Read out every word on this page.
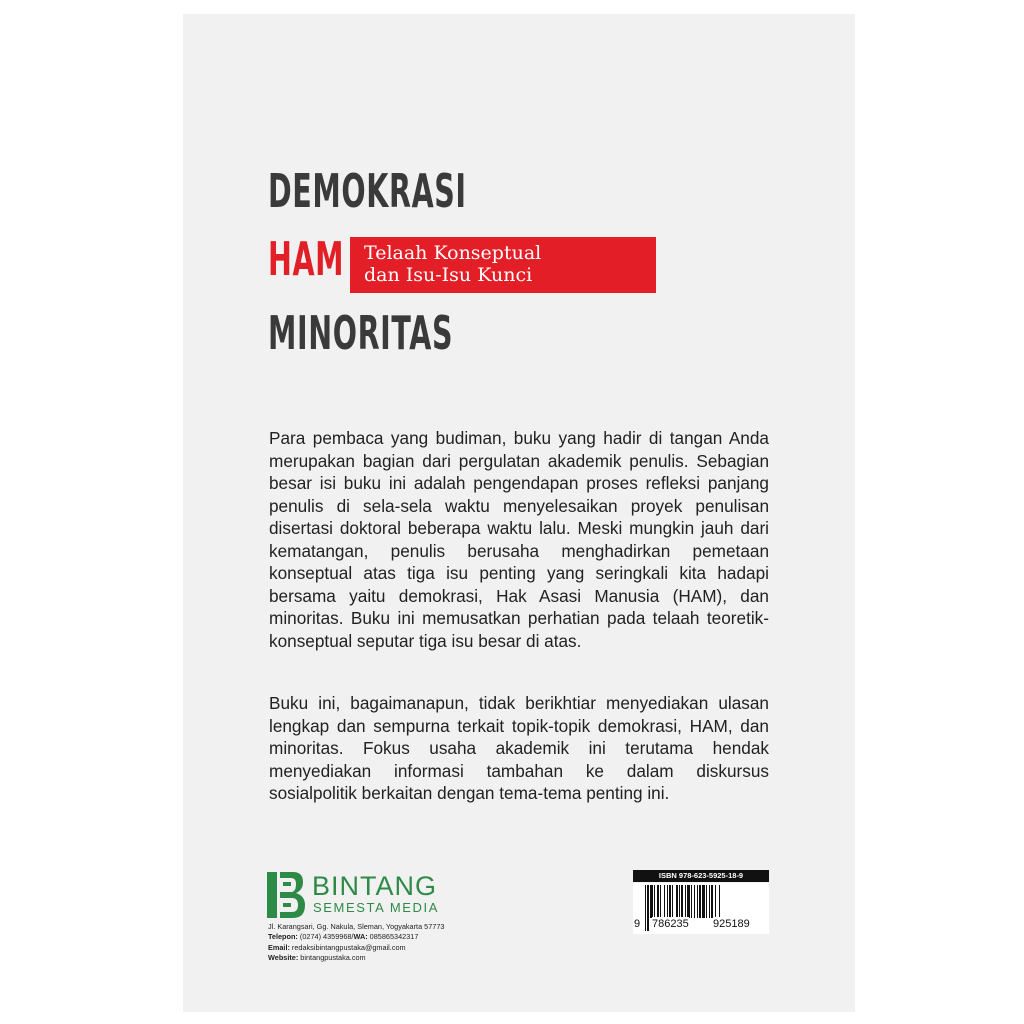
DEMOKRASI
HAM
MINORITAS
Telaah Konseptual
dan Isu-Isu Kunci

Para pembaca yang budiman, buku yang hadir di tangan Anda merupakan bagian dari pergulatan akademik penulis. Sebagian besar isi buku ini adalah pengendapan proses refleksi panjang penulis di sela-sela waktu menyelesaikan proyek penulisan disertasi doktoral beberapa waktu lalu. Meski mungkin jauh dari kematangan, penulis berusaha menghadirkan pemetaan konseptual atas tiga isu penting yang seringkali kita hadapi bersama yaitu demokrasi, Hak Asasi Manusia (HAM), dan minoritas. Buku ini memusatkan perhatian pada telaah teoretik-konseptual seputar tiga isu besar di atas.

Buku ini, bagaimanapun, tidak berikhtiar menyediakan ulasan lengkap dan sempurna terkait topik-topik demokrasi, HAM, dan minoritas. Fokus usaha akademik ini terutama hendak menyediakan informasi tambahan ke dalam diskursus sosialpolitik berkaitan dengan tema-tema penting ini.

BINTANG
SEMESTA MEDIA
Jl. Karangsari, Gg. Nakula, Sleman, Yogyakarta 57773
Telepon: (0274) 4359968/WA: 085865342317
Email: redaksibintangpustaka@gmail.com
Website: bintangpustaka.com
ISBN 978-623-5925-18-9
9 786235 925189
